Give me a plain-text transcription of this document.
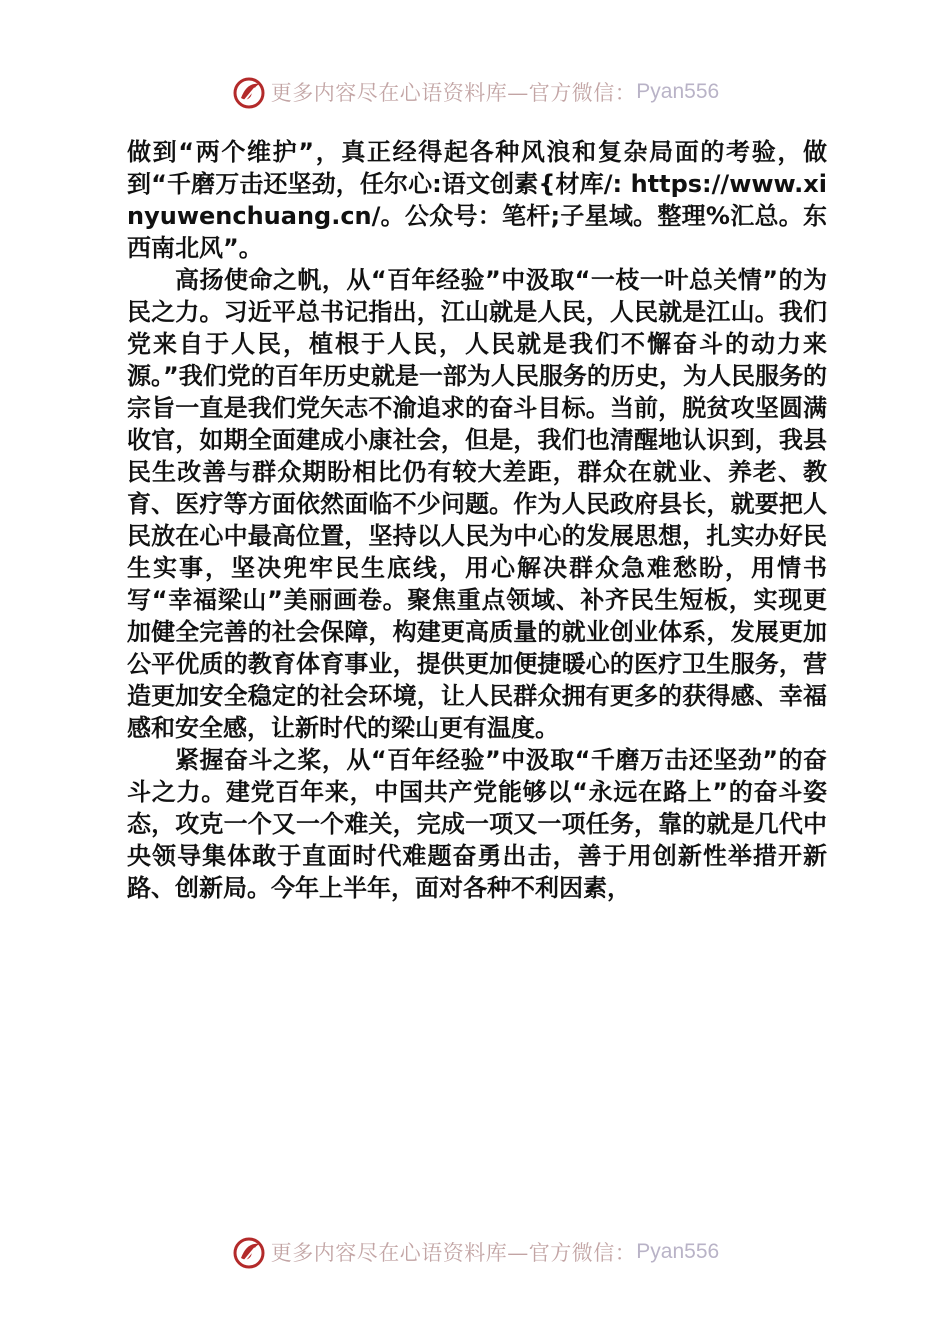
更多内容尽在心语资料库—官方微信： Pyan556

做到“两个维护”，真正经得起各种风浪和复杂局面的考验，做到“千磨万击还坚劲，任尔心:语文创素{材库/: https://www.xinyuwenchuang.cn/。公众号：笔杆;子星域。整理%汇总。东西南北风”。

高扬使命之帆，从“百年经验”中汲取“一枝一叶总关情”的为民之力。习近平总书记指出，江山就是人民，人民就是江山。我们党来自于人民，植根于人民，人民就是我们不懈奋斗的动力来源。”我们党的百年历史就是一部为人民服务的历史，为人民服务的宗旨一直是我们党矢志不渝追求的奋斗目标。当前，脱贫攻坚圆满收官，如期全面建成小康社会，但是，我们也清醒地认识到，我县民生改善与群众期盼相比仍有较大差距，群众在就业、养老、教育、医疗等方面依然面临不少问题。作为人民政府县长，就要把人民放在心中最高位置，坚持以人民为中心的发展思想，扎实办好民生实事，坚决兜牢民生底线，用心解决群众急难愁盼，用情书写“幸福梁山”美丽画卷。聚焦重点领域、补齐民生短板，实现更加健全完善的社会保障，构建更高质量的就业创业体系，发展更加公平优质的教育体育事业，提供更加便捷暖心的医疗卫生服务，营造更加安全稳定的社会环境，让人民群众拥有更多的获得感、幸福感和安全感，让新时代的梁山更有温度。

紧握奋斗之桨，从“百年经验”中汲取“千磨万击还坚劲”的奋斗之力。建党百年来，中国共产党能够以“永远在路上”的奋斗姿态，攻克一个又一个难关，完成一项又一项任务，靠的就是几代中央领导集体敢于直面时代难题奋勇出击，善于用创新性举措开新路、创新局。今年上半年，面对各种不利因素，

更多内容尽在心语资料库—官方微信： Pyan556
